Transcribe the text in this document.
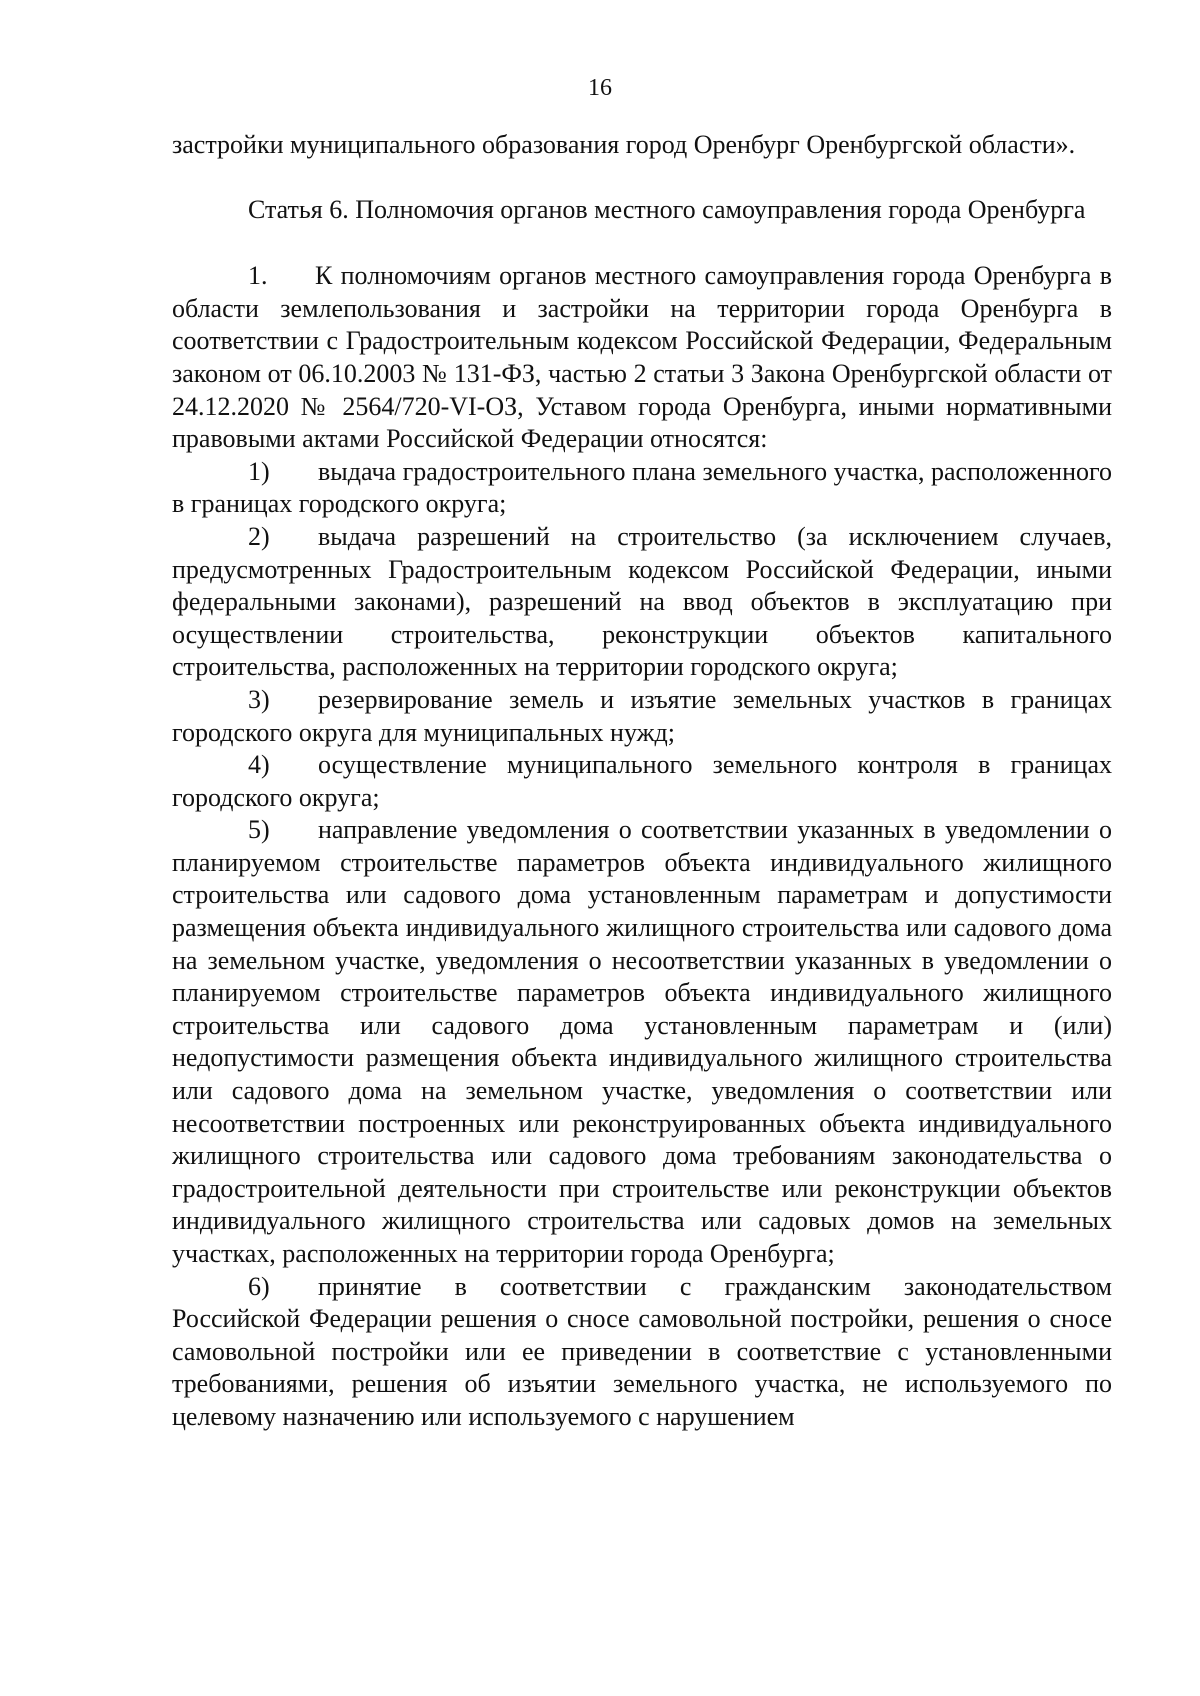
16

застройки муниципального образования город Оренбург Оренбургской области».

Статья 6. Полномочия органов местного самоуправления города Оренбурга

1. К полномочиям органов местного самоуправления города Оренбурга в области землепользования и застройки на территории города Оренбурга в соответствии с Градостроительным кодексом Российской Федерации, Федеральным законом от 06.10.2003 № 131-ФЗ, частью 2 статьи 3 Закона Оренбургской области от 24.12.2020 № 2564/720-VI-ОЗ, Уставом города Оренбурга, иными нормативными правовыми актами Российской Федерации относятся:

1) выдача градостроительного плана земельного участка, расположенного в границах городского округа;

2) выдача разрешений на строительство (за исключением случаев, предусмотренных Градостроительным кодексом Российской Федерации, иными федеральными законами), разрешений на ввод объектов в эксплуатацию при осуществлении строительства, реконструкции объектов капитального строительства, расположенных на территории городского округа;

3) резервирование земель и изъятие земельных участков в границах городского округа для муниципальных нужд;

4) осуществление муниципального земельного контроля в границах городского округа;

5) направление уведомления о соответствии указанных в уведомлении о планируемом строительстве параметров объекта индивидуального жилищного строительства или садового дома установленным параметрам и допустимости размещения объекта индивидуального жилищного строительства или садового дома на земельном участке, уведомления о несоответствии указанных в уведомлении о планируемом строительстве параметров объекта индивидуального жилищного строительства или садового дома установленным параметрам и (или) недопустимости размещения объекта индивидуального жилищного строительства или садового дома на земельном участке, уведомления о соответствии или несоответствии построенных или реконструированных объекта индивидуального жилищного строительства или садового дома требованиям законодательства о градостроительной деятельности при строительстве или реконструкции объектов индивидуального жилищного строительства или садовых домов на земельных участках, расположенных на территории города Оренбурга;

6) принятие в соответствии с гражданским законодательством Российской Федерации решения о сносе самовольной постройки, решения о сносе самовольной постройки или ее приведении в соответствие с установленными требованиями, решения об изъятии земельного участка, не используемого по целевому назначению или используемого с нарушением
